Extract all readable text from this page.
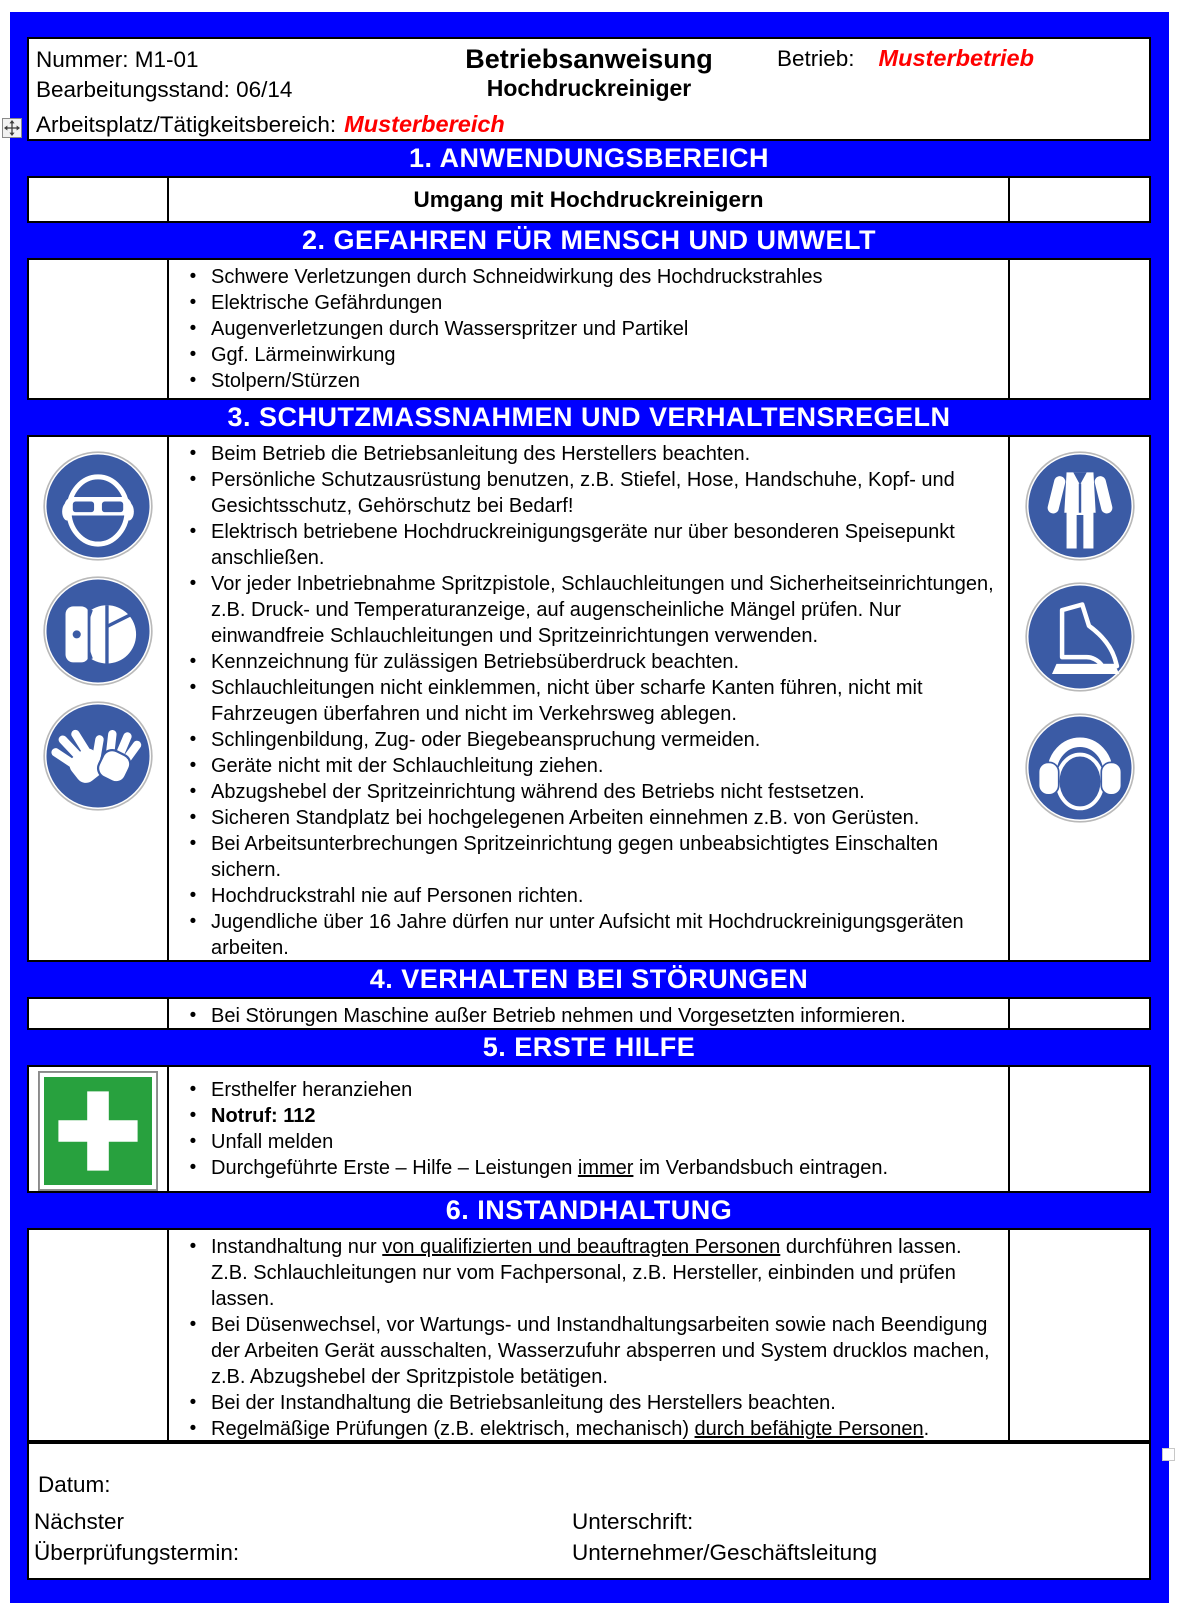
Nummer: M1-01
Bearbeitungsstand: 06/14
Betriebsanweisung
Hochdruckreiniger
Betrieb: Musterbetrieb
Arbeitsplatz/Tätigkeitsbereich: Musterbereich
1. ANWENDUNGSBEREICH
Umgang mit Hochdruckreinigern
2. GEFAHREN FÜR MENSCH UND UMWELT
• Schwere Verletzungen durch Schneidwirkung des Hochdruckstrahles
• Elektrische Gefährdungen
• Augenverletzungen durch Wasserspritzer und Partikel
• Ggf. Lärmeinwirkung
• Stolpern/Stürzen
3. SCHUTZMASSNAHMEN UND VERHALTENSREGELN
• Beim Betrieb die Betriebsanleitung des Herstellers beachten.
• Persönliche Schutzausrüstung benutzen, z.B. Stiefel, Hose, Handschuhe, Kopf- und Gesichtsschutz, Gehörschutz bei Bedarf!
• Elektrisch betriebene Hochdruckreinigungsgeräte nur über besonderen Speisepunkt anschließen.
• Vor jeder Inbetriebnahme Spritzpistole, Schlauchleitungen und Sicherheitseinrichtungen, z.B. Druck- und Temperaturanzeige, auf augenscheinliche Mängel prüfen. Nur einwandfreie Schlauchleitungen und Spritzeinrichtungen verwenden.
• Kennzeichnung für zulässigen Betriebsüberdruck beachten.
• Schlauchleitungen nicht einklemmen, nicht über scharfe Kanten führen, nicht mit Fahrzeugen überfahren und nicht im Verkehrsweg ablegen.
• Schlingenbildung, Zug- oder Biegebeanspruchung vermeiden.
• Geräte nicht mit der Schlauchleitung ziehen.
• Abzugshebel der Spritzeinrichtung während des Betriebs nicht festsetzen.
• Sicheren Standplatz bei hochgelegenen Arbeiten einnehmen z.B. von Gerüsten.
• Bei Arbeitsunterbrechungen Spritzeinrichtung gegen unbeabsichtigtes Einschalten sichern.
• Hochdruckstrahl nie auf Personen richten.
• Jugendliche über 16 Jahre dürfen nur unter Aufsicht mit Hochdruckreinigungsgeräten arbeiten.
4. VERHALTEN BEI STÖRUNGEN
• Bei Störungen Maschine außer Betrieb nehmen und Vorgesetzten informieren.
5. ERSTE HILFE
• Ersthelfer heranziehen
• Notruf: 112
• Unfall melden
• Durchgeführte Erste – Hilfe – Leistungen immer im Verbandsbuch eintragen.
6. INSTANDHALTUNG
• Instandhaltung nur von qualifizierten und beauftragten Personen durchführen lassen. Z.B. Schlauchleitungen nur vom Fachpersonal, z.B. Hersteller, einbinden und prüfen lassen.
• Bei Düsenwechsel, vor Wartungs- und Instandhaltungsarbeiten sowie nach Beendigung der Arbeiten Gerät ausschalten, Wasserzufuhr absperren und System drucklos machen, z.B. Abzugshebel der Spritzpistole betätigen.
• Bei der Instandhaltung die Betriebsanleitung des Herstellers beachten.
• Regelmäßige Prüfungen (z.B. elektrisch, mechanisch) durch befähigte Personen.
Datum:
Nächster
Überprüfungstermin:
Unterschrift:
Unternehmer/Geschäftsleitung
